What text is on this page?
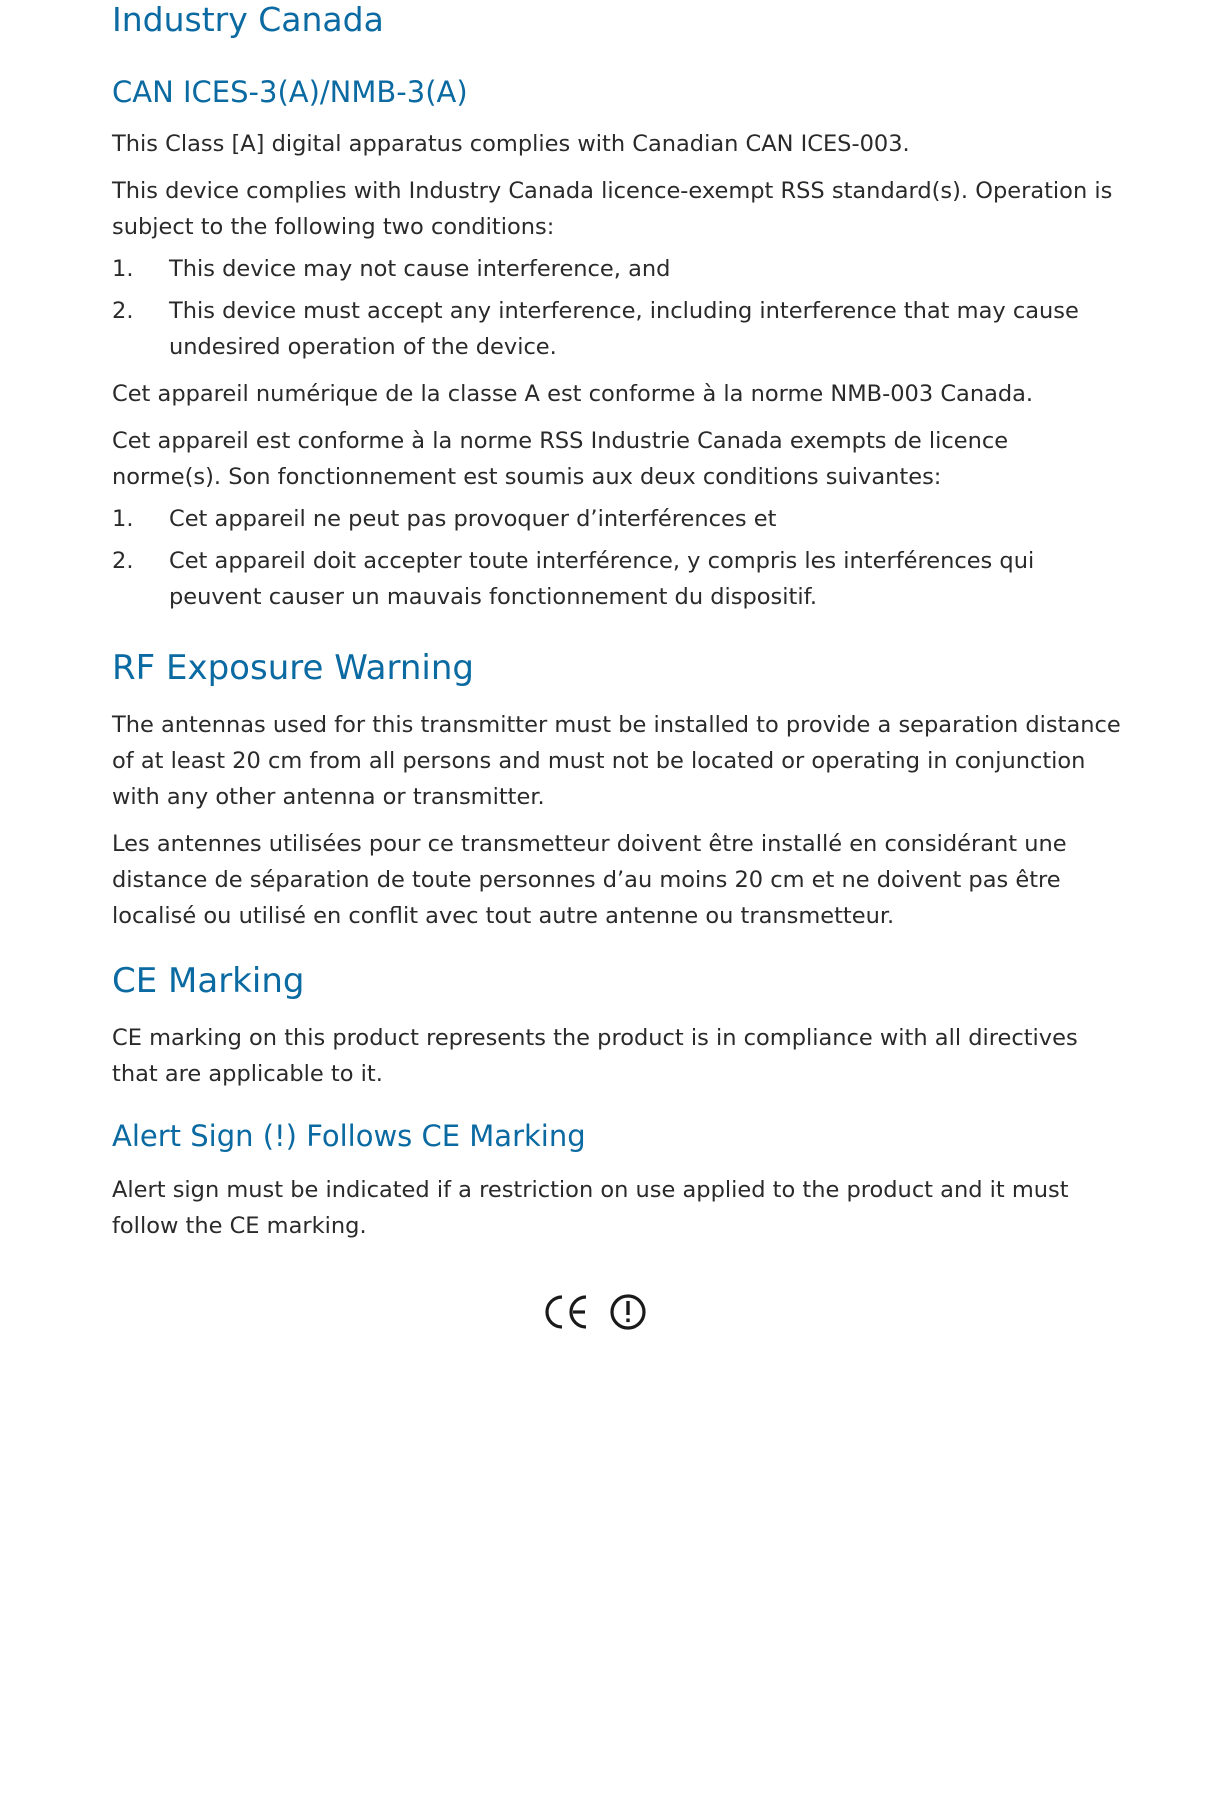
Industry Canada
CAN ICES-3(A)/NMB-3(A)

This Class [A] digital apparatus complies with Canadian CAN ICES-003.

This device complies with Industry Canada licence-exempt RSS standard(s). Operation is subject to the following two conditions:

1. This device may not cause interference, and
2. This device must accept any interference, including interference that may cause undesired operation of the device.

Cet appareil numérique de la classe A est conforme à la norme NMB-003 Canada.

Cet appareil est conforme à la norme RSS Industrie Canada exempts de licence norme(s). Son fonctionnement est soumis aux deux conditions suivantes:

1. Cet appareil ne peut pas provoquer d’interférences et
2. Cet appareil doit accepter toute interférence, y compris les interférences qui peuvent causer un mauvais fonctionnement du dispositif.
RF Exposure Warning

The antennas used for this transmitter must be installed to provide a separation distance of at least 20 cm from all persons and must not be located or operating in conjunction with any other antenna or transmitter.

Les antennes utilisées pour ce transmetteur doivent être installé en considérant une distance de séparation de toute personnes d’au moins 20 cm et ne doivent pas être localisé ou utilisé en conflit avec tout autre antenne ou transmetteur.

CE Marking

CE marking on this product represents the product is in compliance with all directives that are applicable to it.

Alert Sign (!) Follows CE Marking

Alert sign must be indicated if a restriction on use applied to the product and it must follow the CE marking.
